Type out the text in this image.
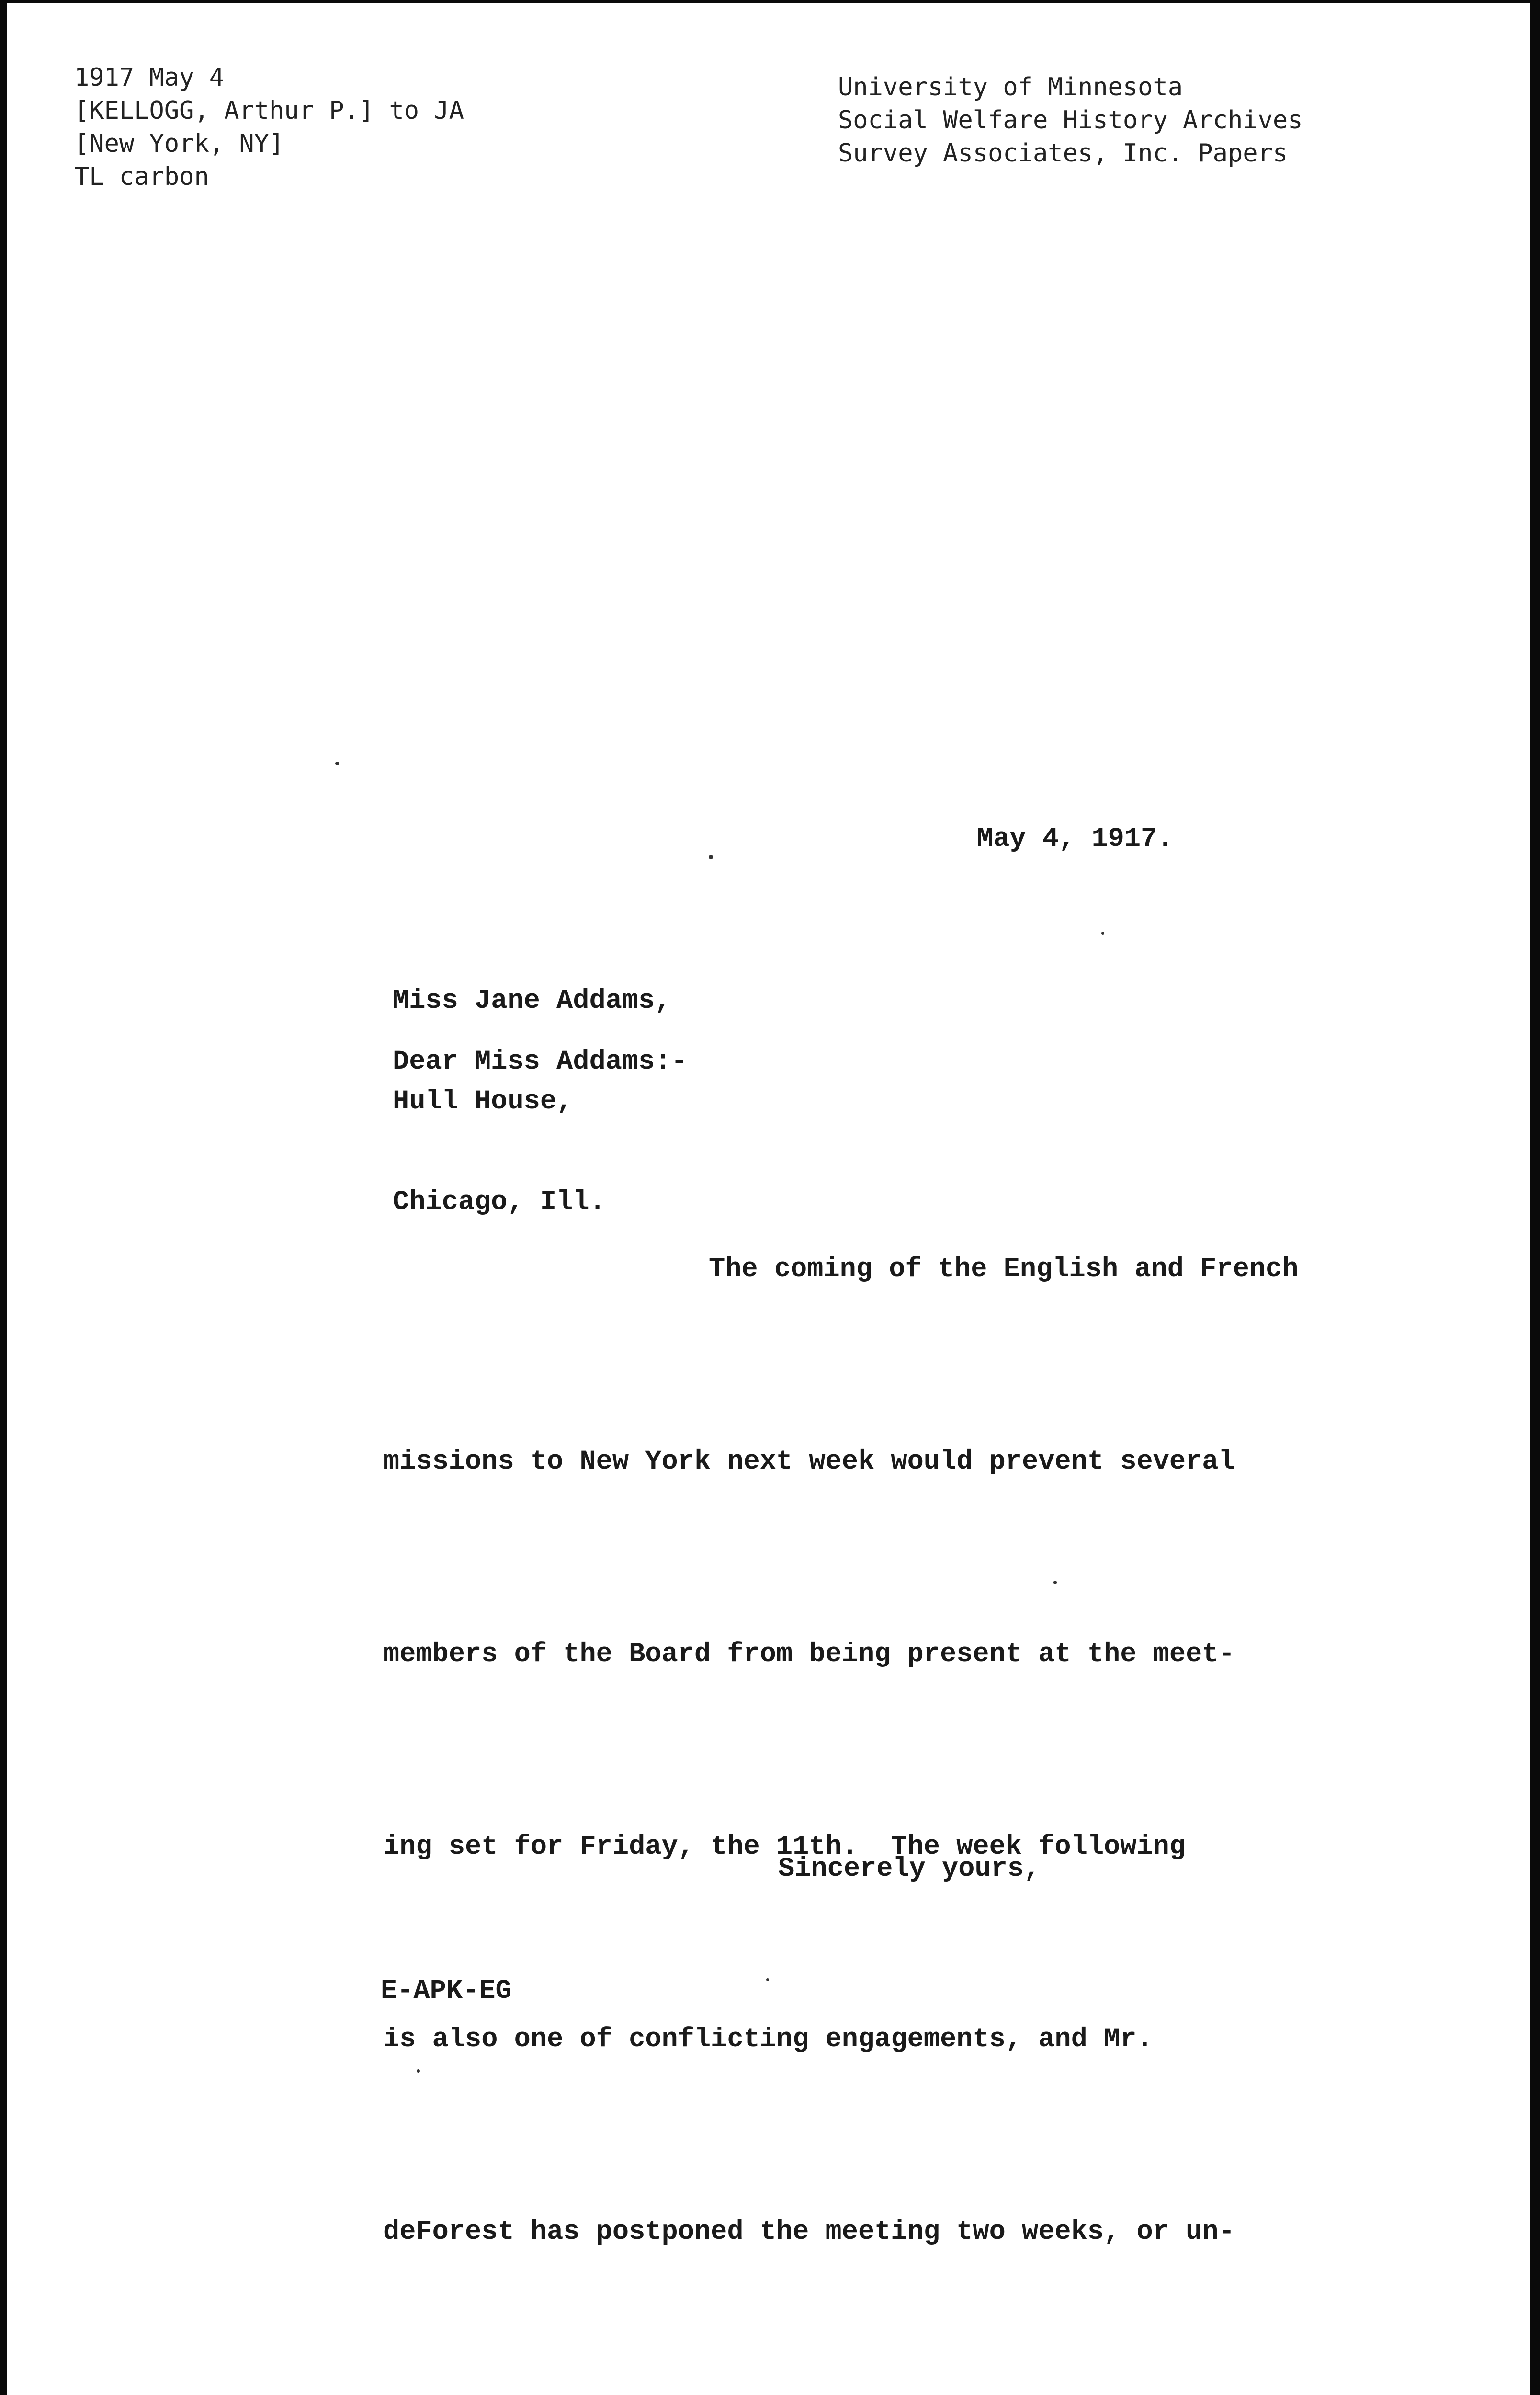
1917 May 4
[KELLOGG, Arthur P.] to JA
[New York, NY]
TL carbon
University of Minnesota
Social Welfare History Archives
Survey Associates, Inc. Papers
May 4, 1917.

Miss Jane Addams,

Hull House,

Chicago, Ill.

Dear Miss Addams:-

The coming of the English and French

missions to New York next week would prevent several

members of the Board from being present at the meet-

ing set for Friday, the 11th.  The week following

is also one of conflicting engagements, and Mr.

deForest has postponed the meeting two weeks, or un-

Sincerely yours,
E-APK-EG
